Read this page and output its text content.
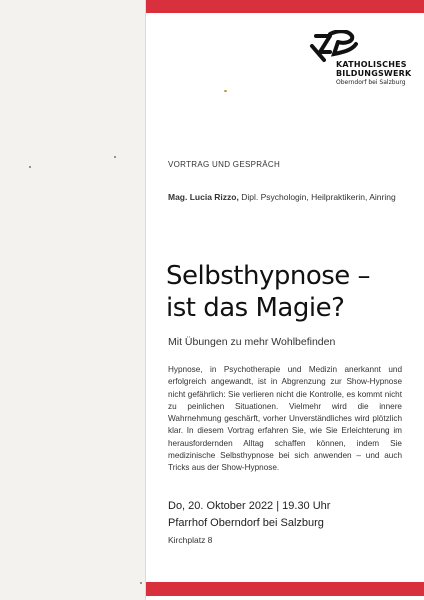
KATHOLISCHES
BILDUNGSWERK
Oberndorf bei Salzburg
VORTRAG UND GESPRÄCH
Mag. Lucia Rizzo, Dipl. Psychologin, Heilpraktikerin, Ainring
Selbsthypnose –
ist das Magie?
Mit Übungen zu mehr Wohlbefinden
Hypnose, in Psychotherapie und Medizin anerkannt und erfolgreich angewandt, ist in Abgrenzung zur Show-Hypnose nicht gefährlich: Sie verlieren nicht die Kontrolle, es kommt nicht zu peinlichen Situationen. Vielmehr wird die innere Wahrnehmung geschärft, vorher Unverständliches wird plötzlich klar. In diesem Vortrag erfahren Sie, wie Sie Erleichterung im herausfordernden Alltag schaffen können, indem Sie medizinische Selbsthypnose bei sich anwenden – und auch Tricks aus der Show-Hypnose.
Do, 20. Oktober 2022 | 19.30 Uhr
Pfarrhof Oberndorf bei Salzburg
Kirchplatz 8
